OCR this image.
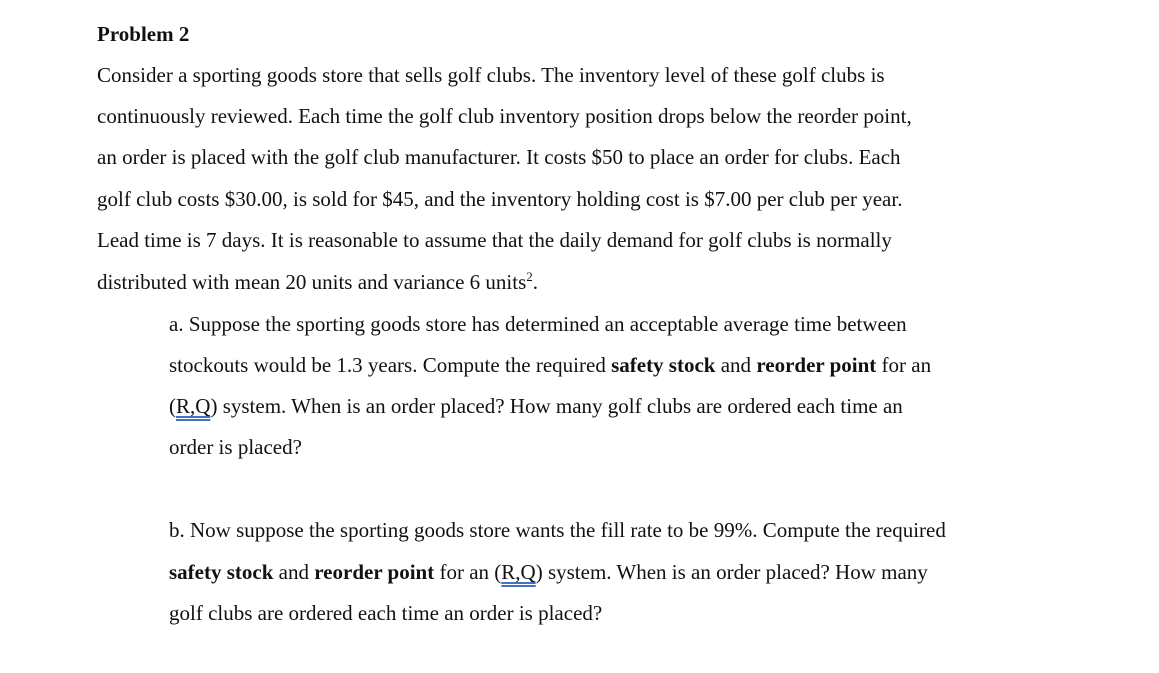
Problem 2
Consider a sporting goods store that sells golf clubs. The inventory level of these golf clubs is
continuously reviewed. Each time the golf club inventory position drops below the reorder point,
an order is placed with the golf club manufacturer. It costs $50 to place an order for clubs. Each
golf club costs $30.00, is sold for $45, and the inventory holding cost is $7.00 per club per year.
Lead time is 7 days. It is reasonable to assume that the daily demand for golf clubs is normally
distributed with mean 20 units and variance 6 units$^2$.
a. Suppose the sporting goods store has determined an acceptable average time between
stockouts would be 1.3 years. Compute the required safety stock and reorder point for an
(R,Q) system. When is an order placed? How many golf clubs are ordered each time an
order is placed?
b. Now suppose the sporting goods store wants the fill rate to be 99%. Compute the required
safety stock and reorder point for an (R,Q) system. When is an order placed? How many
golf clubs are ordered each time an order is placed?
